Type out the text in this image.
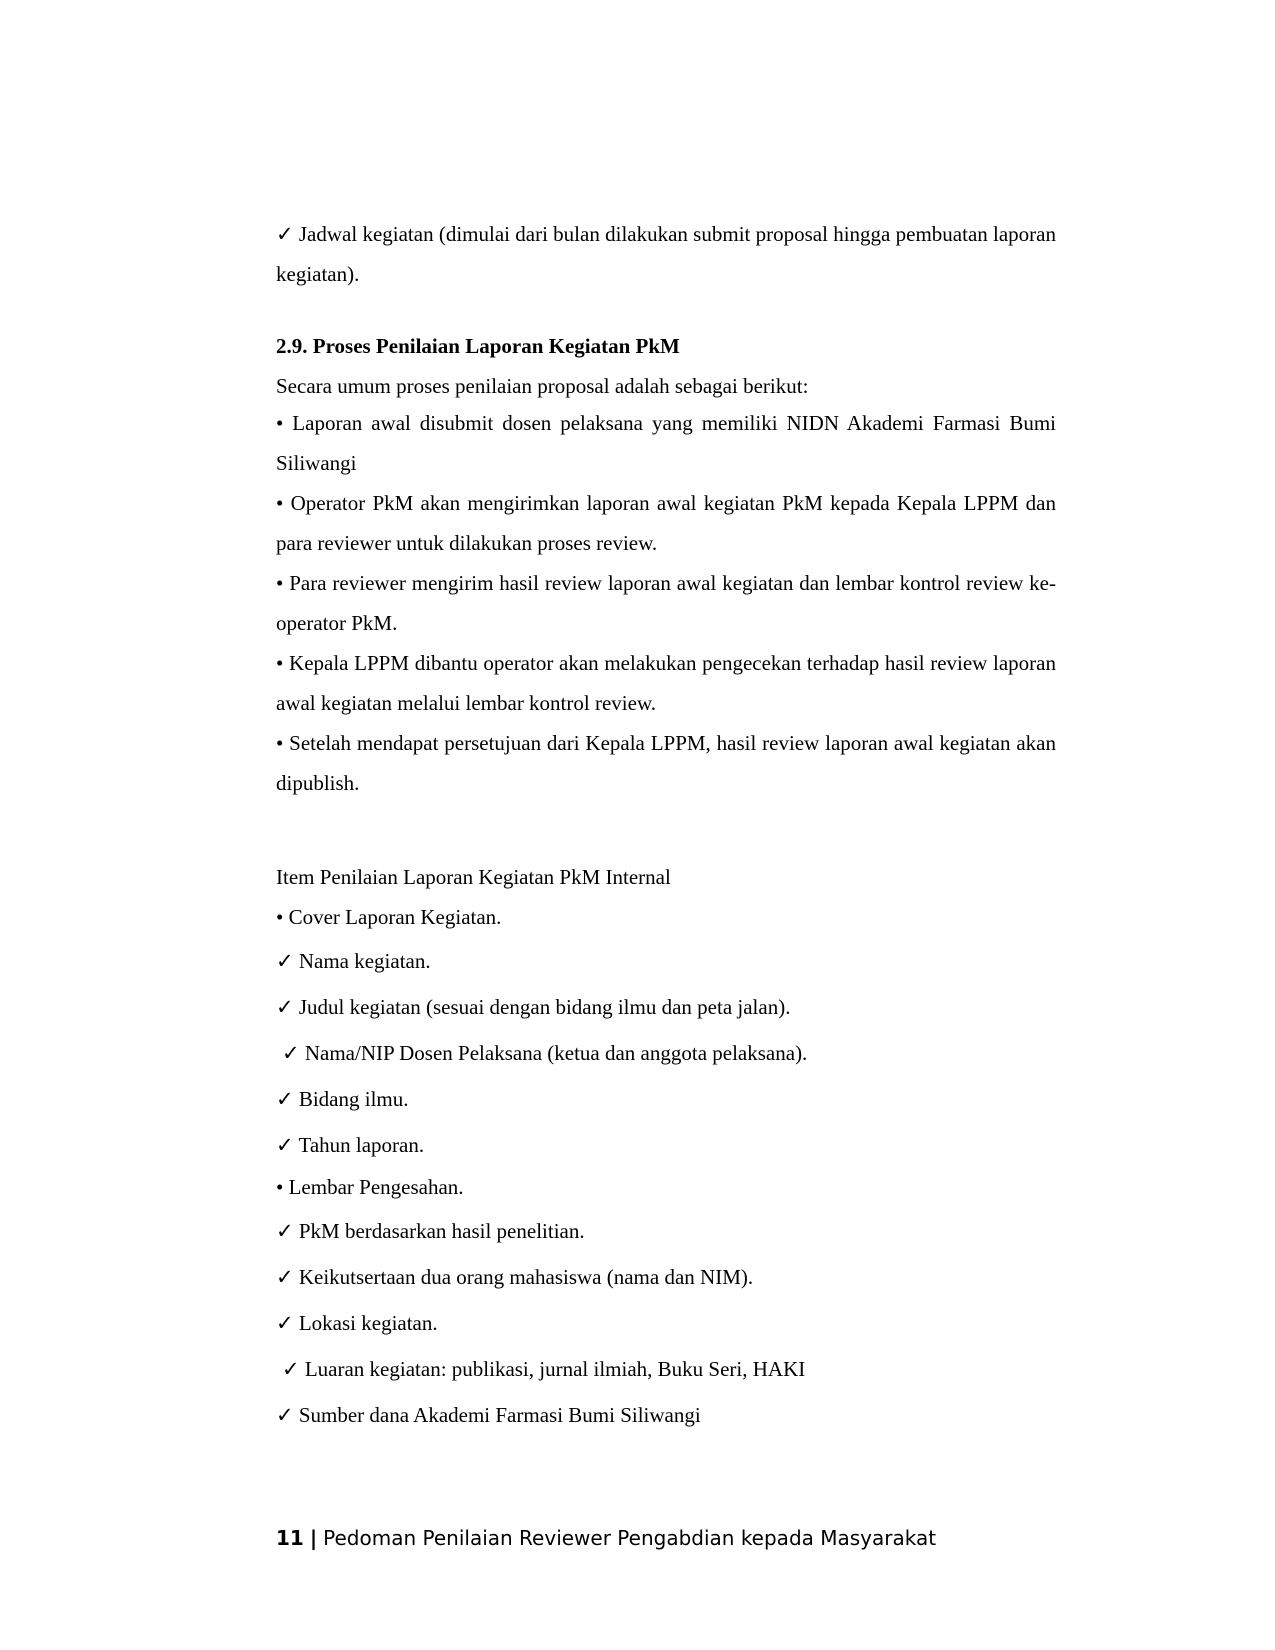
✓ Jadwal kegiatan (dimulai dari bulan dilakukan submit proposal hingga pembuatan laporan kegiatan).

2.9. Proses Penilaian Laporan Kegiatan PkM

Secara umum proses penilaian proposal adalah sebagai berikut:

• Laporan awal disubmit dosen pelaksana yang memiliki NIDN Akademi Farmasi Bumi Siliwangi

• Operator PkM akan mengirimkan laporan awal kegiatan PkM kepada Kepala LPPM dan para reviewer untuk dilakukan proses review.

• Para reviewer mengirim hasil review laporan awal kegiatan dan lembar kontrol review ke-operator PkM.

• Kepala LPPM dibantu operator akan melakukan pengecekan terhadap hasil review laporan awal kegiatan melalui lembar kontrol review.

• Setelah mendapat persetujuan dari Kepala LPPM, hasil review laporan awal kegiatan akan dipublish.

Item Penilaian Laporan Kegiatan PkM Internal

• Cover Laporan Kegiatan.

✓ Nama kegiatan.

✓ Judul kegiatan (sesuai dengan bidang ilmu dan peta jalan).

✓ Nama/NIP Dosen Pelaksana (ketua dan anggota pelaksana).

✓ Bidang ilmu.

✓ Tahun laporan.

• Lembar Pengesahan.

✓ PkM berdasarkan hasil penelitian.

✓ Keikutsertaan dua orang mahasiswa (nama dan NIM).

✓ Lokasi kegiatan.

✓ Luaran kegiatan: publikasi, jurnal ilmiah, Buku Seri, HAKI

✓ Sumber dana Akademi Farmasi Bumi Siliwangi

11 | Pedoman Penilaian Reviewer Pengabdian kepada Masyarakat
